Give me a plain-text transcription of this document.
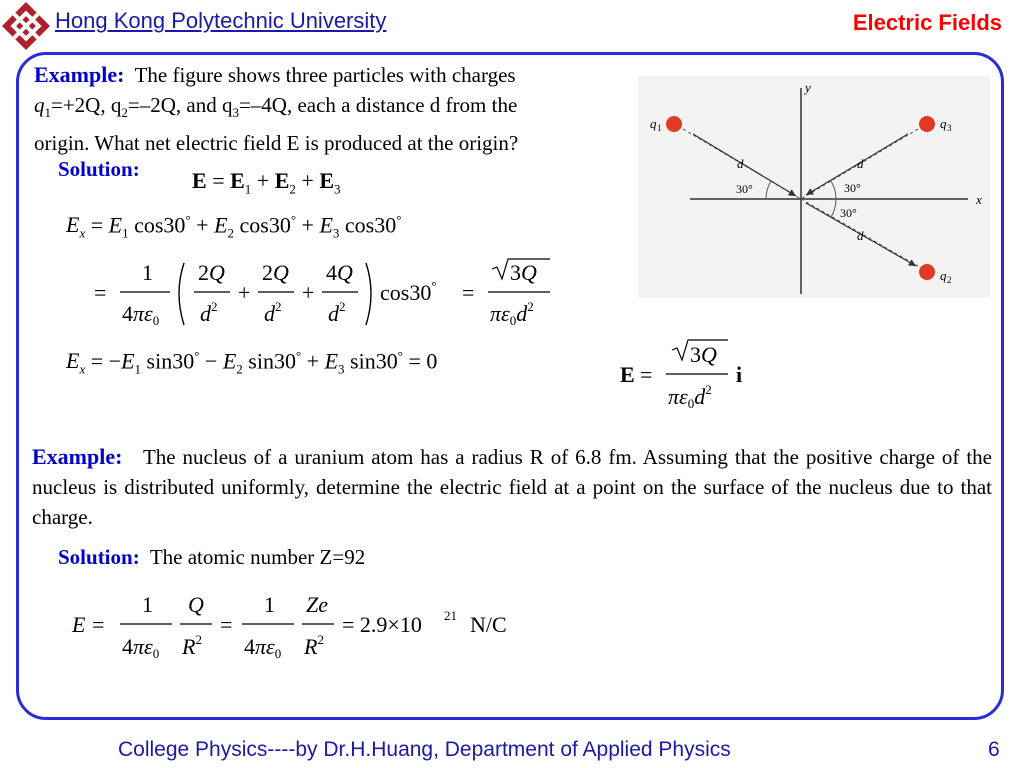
Hong Kong Polytechnic University	Electric Fields
Example: The figure shows three particles with charges
$q_1=+2Q$, $q_2=-2Q$, and $q_3=-4Q$, each a distance d from the
origin. What net electric field E is produced at the origin?
Solution:
y
x
q 1	q 3
q 2
d	d
d
30°	30°
30°
$E = E_1 + E_2 + E_3$
$E_x = E_1$ $\cos 30^\circ + E_2$ $\cos 30^\circ + E_3$ cos30°
=
1
4πε0
2Q
$d^2$
+
2Q
$d^2$
+
4Q
$d^2$
cos30° =
3Q
$\pi\varepsilon 0d^2$
$E_x = -E_1$ $\sin 30^\circ - E_2$ $\sin 30^\circ + E_3$ sin30° = 0
E =
3Q
$\pi\varepsilon 0d^2$
i
Example: The nucleus of a uranium atom has a radius R of 6.8 fm. Assuming that the positive charge of the nucleus is distributed uniformly, determine the electric field at a point on the surface of the nucleus due to that charge.
Solution: The atomic number Z=92
E =
1
4πε0
Q
$R^2$
=
1
4πε0
Ze
$R^2$
= 2.9×10 21 N/C
College Physics----by Dr.H.Huang, Department of Applied Physics	6
